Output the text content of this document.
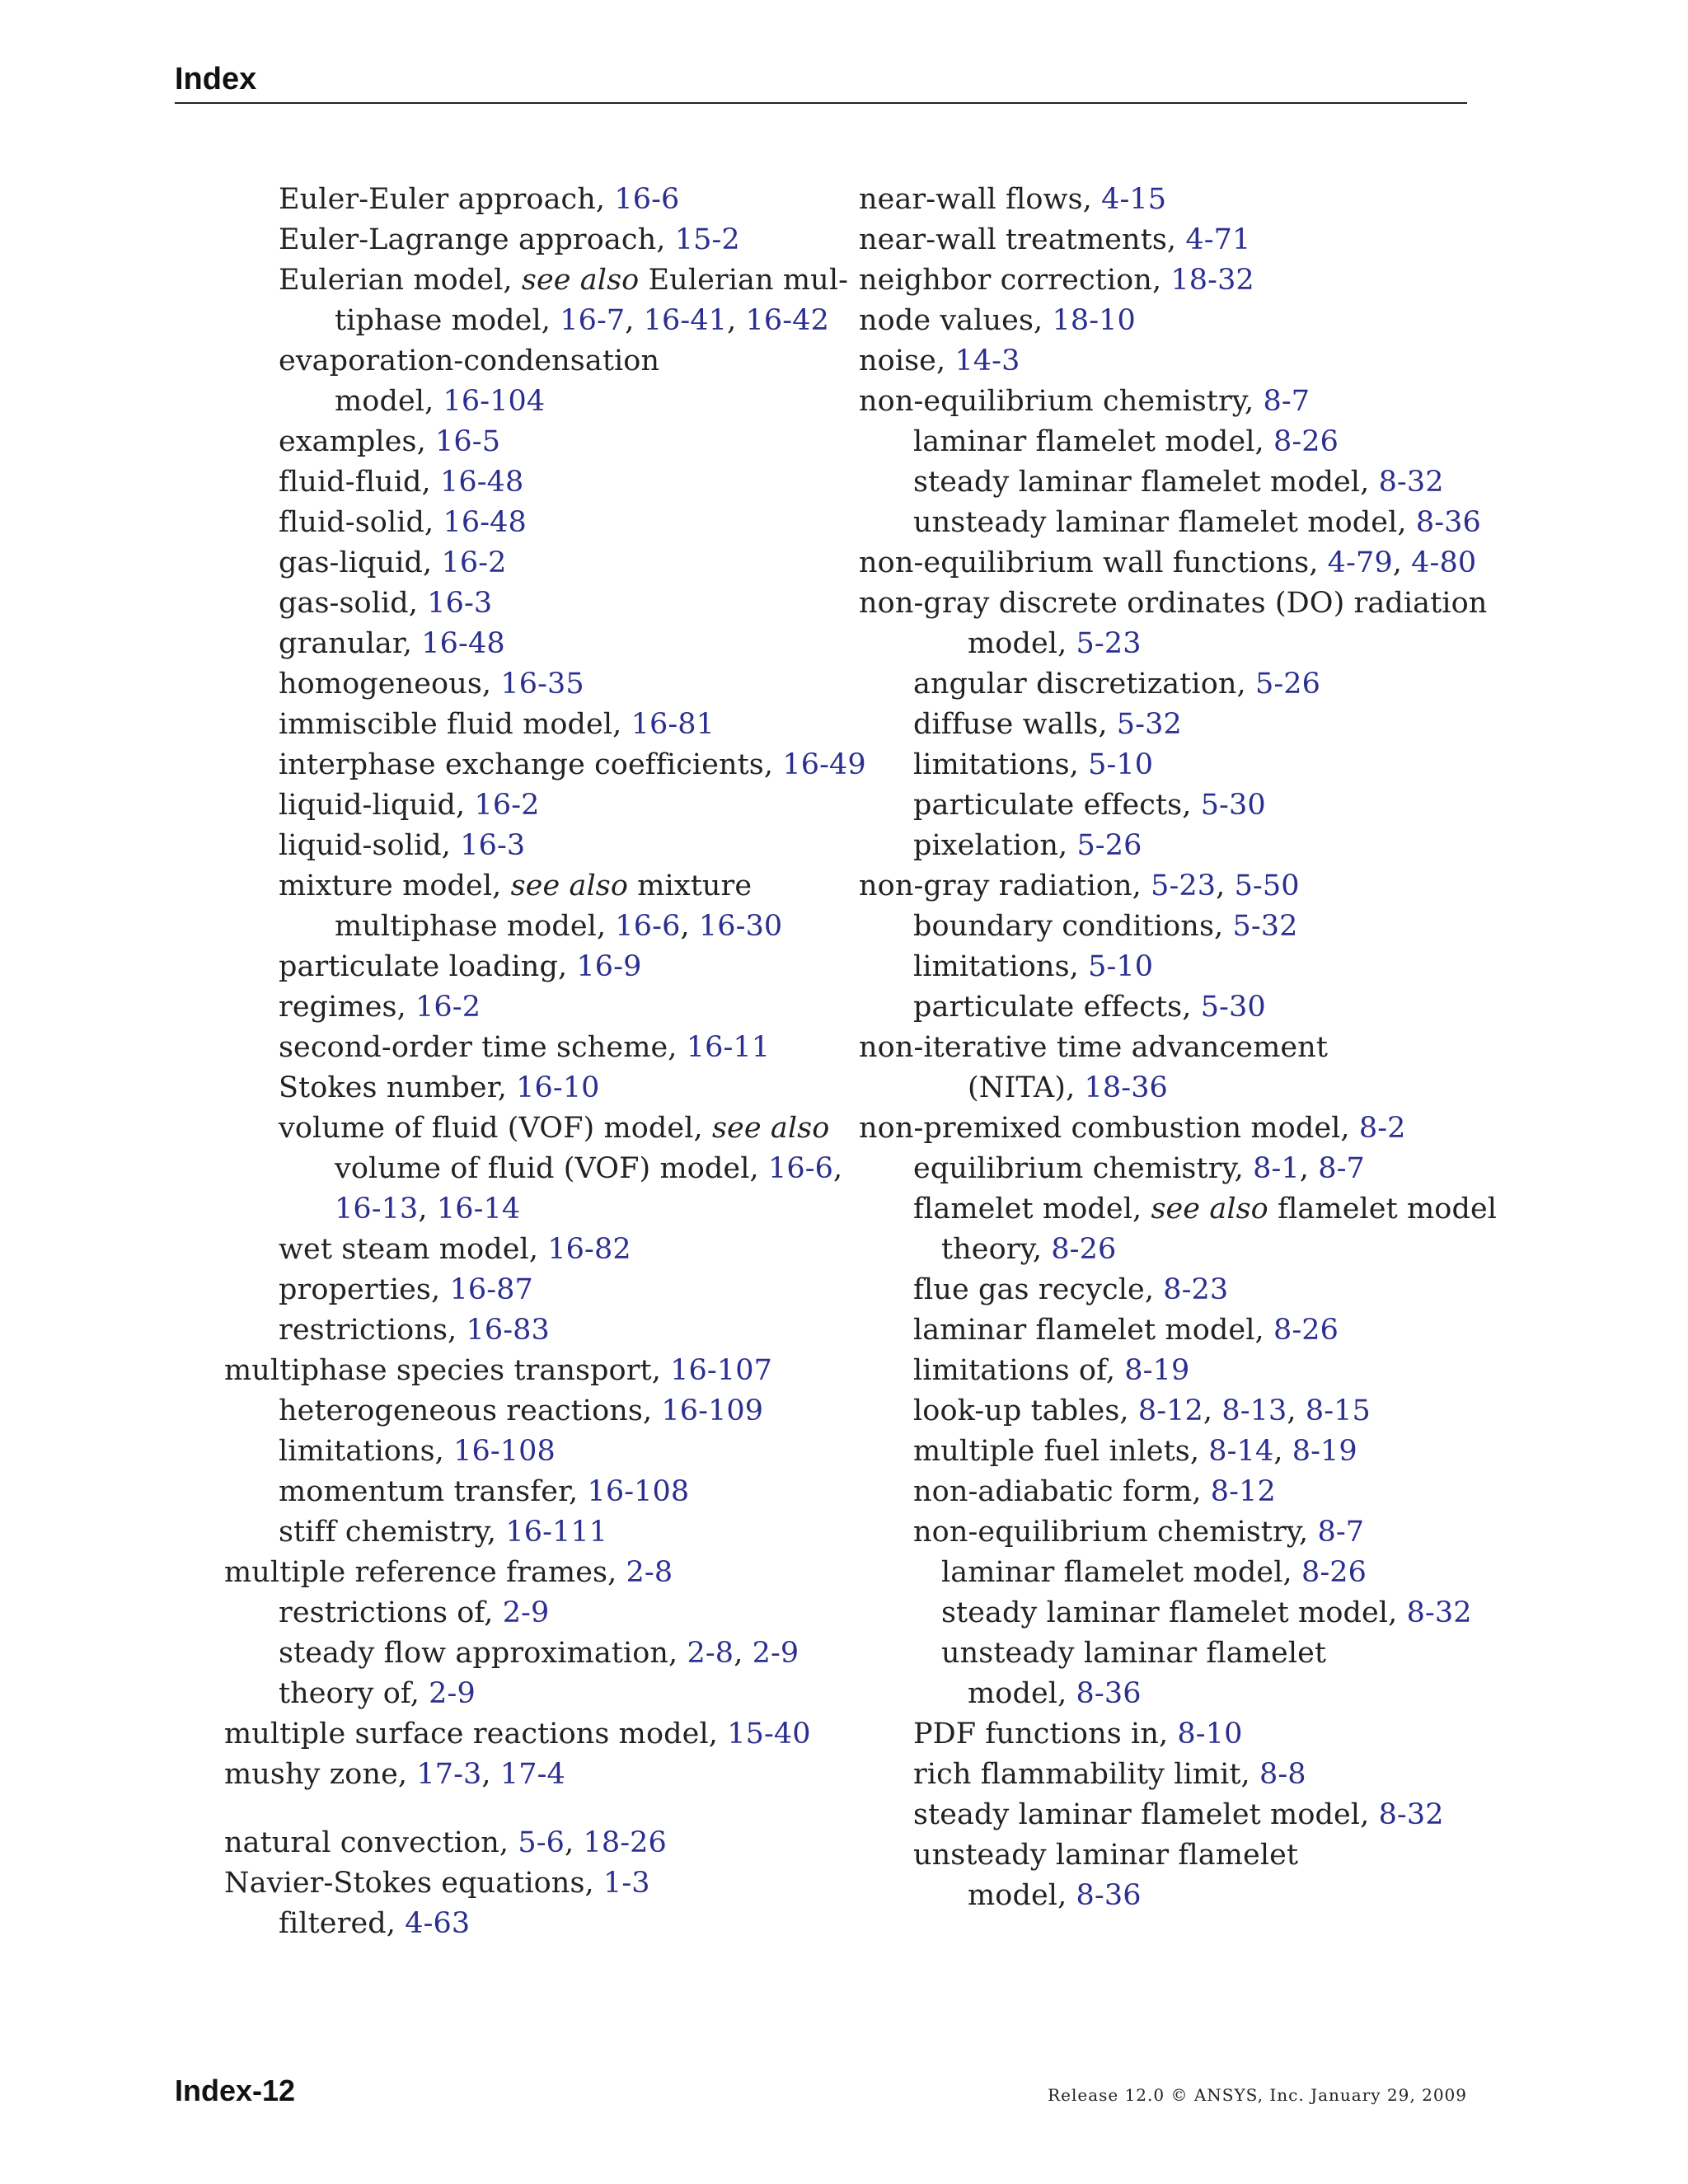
Index
Euler-Euler approach, 16-6
Euler-Lagrange approach, 15-2
Eulerian model, see also Eulerian mul-
tiphase model, 16-7, 16-41, 16-42
evaporation-condensation
model, 16-104
examples, 16-5
fluid-fluid, 16-48
fluid-solid, 16-48
gas-liquid, 16-2
gas-solid, 16-3
granular, 16-48
homogeneous, 16-35
immiscible fluid model, 16-81
interphase exchange coefficients, 16-49
liquid-liquid, 16-2
liquid-solid, 16-3
mixture model, see also mixture
multiphase model, 16-6, 16-30
particulate loading, 16-9
regimes, 16-2
second-order time scheme, 16-11
Stokes number, 16-10
volume of fluid (VOF) model, see also
volume of fluid (VOF) model, 16-6,
16-13, 16-14
wet steam model, 16-82
properties, 16-87
restrictions, 16-83
multiphase species transport, 16-107
heterogeneous reactions, 16-109
limitations, 16-108
momentum transfer, 16-108
stiff chemistry, 16-111
multiple reference frames, 2-8
restrictions of, 2-9
steady flow approximation, 2-8, 2-9
theory of, 2-9
multiple surface reactions model, 15-40
mushy zone, 17-3, 17-4
natural convection, 5-6, 18-26
Navier-Stokes equations, 1-3
filtered, 4-63
near-wall flows, 4-15
near-wall treatments, 4-71
neighbor correction, 18-32
node values, 18-10
noise, 14-3
non-equilibrium chemistry, 8-7
laminar flamelet model, 8-26
steady laminar flamelet model, 8-32
unsteady laminar flamelet model, 8-36
non-equilibrium wall functions, 4-79, 4-80
non-gray discrete ordinates (DO) radiation
model, 5-23
angular discretization, 5-26
diffuse walls, 5-32
limitations, 5-10
particulate effects, 5-30
pixelation, 5-26
non-gray radiation, 5-23, 5-50
boundary conditions, 5-32
limitations, 5-10
particulate effects, 5-30
non-iterative time advancement
(NITA), 18-36
non-premixed combustion model, 8-2
equilibrium chemistry, 8-1, 8-7
flamelet model, see also flamelet model
theory, 8-26
flue gas recycle, 8-23
laminar flamelet model, 8-26
limitations of, 8-19
look-up tables, 8-12, 8-13, 8-15
multiple fuel inlets, 8-14, 8-19
non-adiabatic form, 8-12
non-equilibrium chemistry, 8-7
laminar flamelet model, 8-26
steady laminar flamelet model, 8-32
unsteady laminar flamelet
model, 8-36
PDF functions in, 8-10
rich flammability limit, 8-8
steady laminar flamelet model, 8-32
unsteady laminar flamelet
model, 8-36
Index-12	Release 12.0 © ANSYS, Inc. January 29, 2009
